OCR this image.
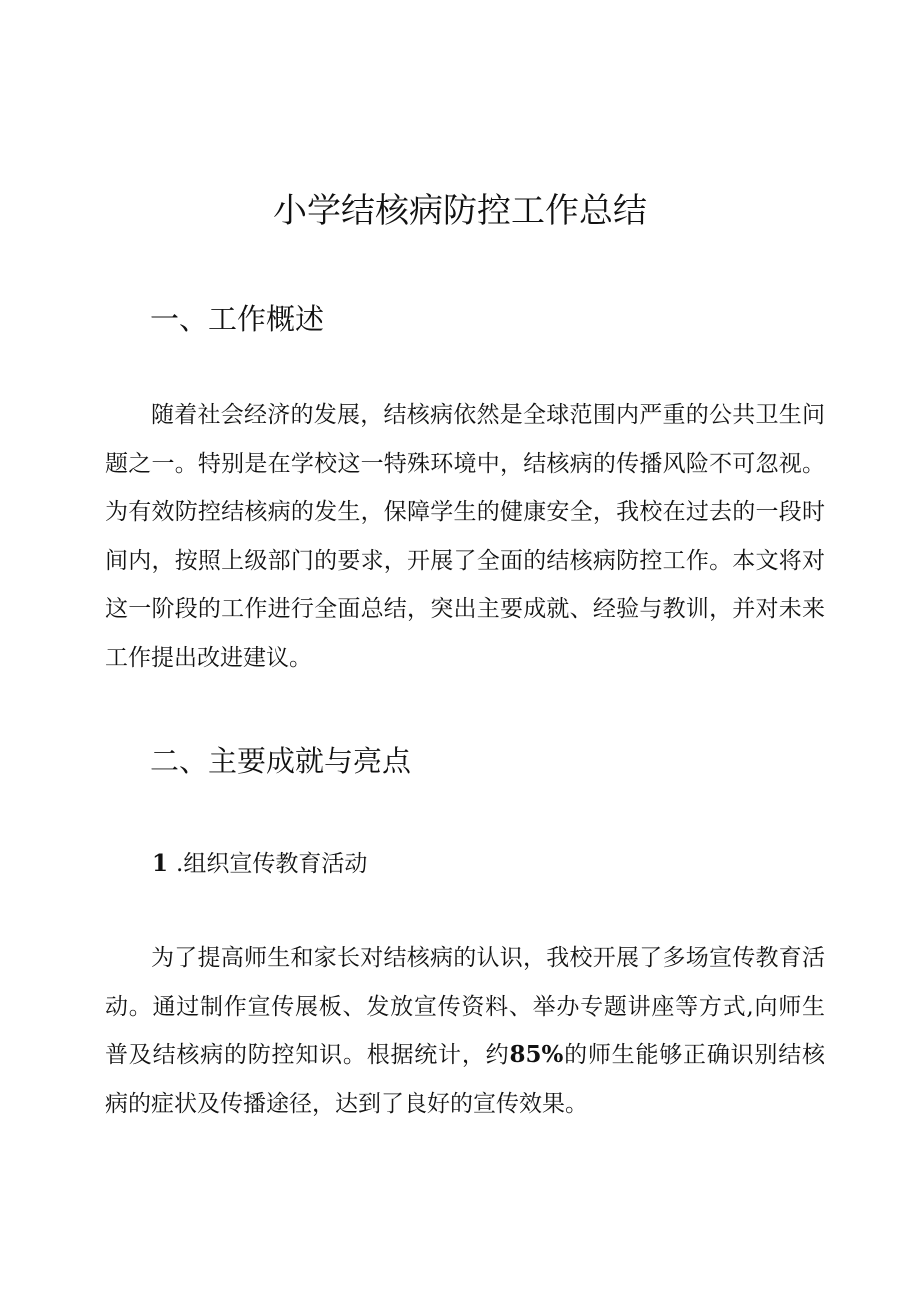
小学结核病防控工作总结
一、工作概述

随着社会经济的发展，结核病依然是全球范围内严重的公共卫生问题之一。特别是在学校这一特殊环境中，结核病的传播风险不可忽视。为有效防控结核病的发生，保障学生的健康安全，我校在过去的一段时间内，按照上级部门的要求，开展了全面的结核病防控工作。本文将对这一阶段的工作进行全面总结，突出主要成就、经验与教训，并对未来工作提出改进建议。

二、主要成就与亮点
1 .组织宣传教育活动

为了提高师生和家长对结核病的认识，我校开展了多场宣传教育活动。通过制作宣传展板、发放宣传资料、举办专题讲座等方式,向师生普及结核病的防控知识。根据统计，约85%的师生能够正确识别结核病的症状及传播途径，达到了良好的宣传效果。
